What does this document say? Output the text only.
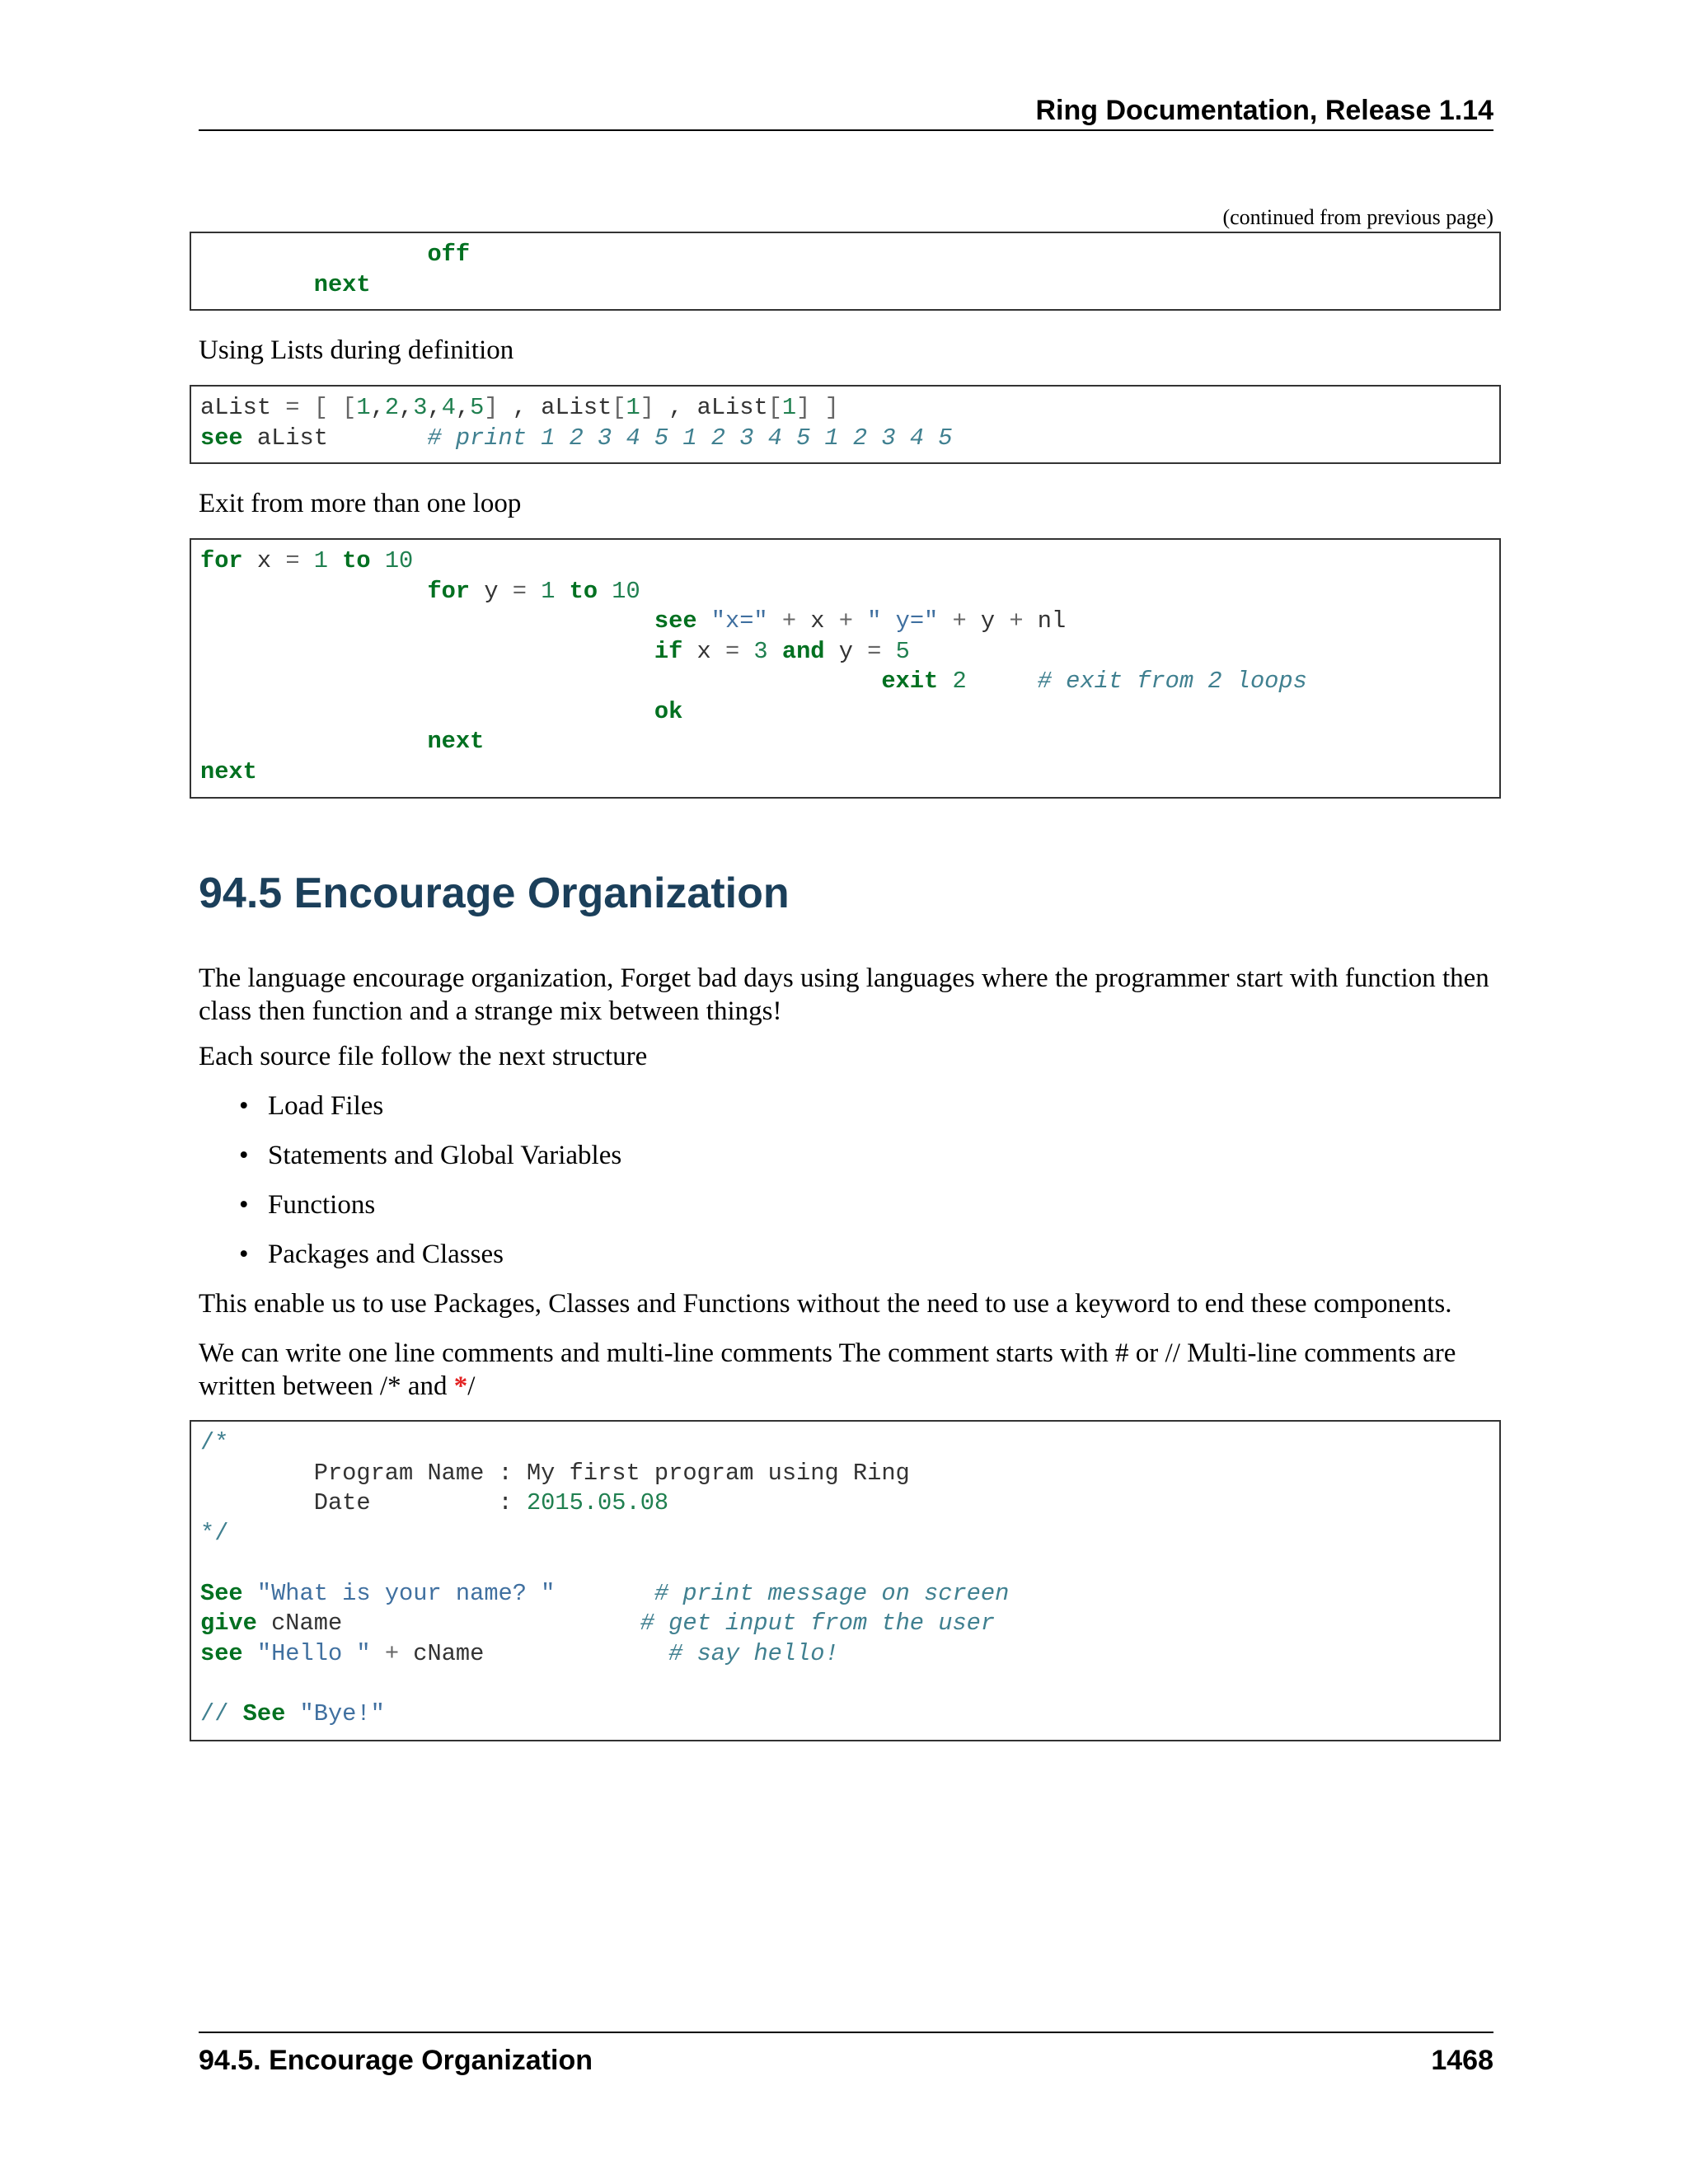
Ring Documentation, Release 1.14
(continued from previous page)
off
next

Using Lists during definition

aList = [ [1,2,3,4,5] , aList[1] , aList[1] ]
see aList	# print 1 2 3 4 5 1 2 3 4 5 1 2 3 4 5

Exit from more than one loop

for x = 1 to 10
for y = 1 to 10
see "x=" + x + " y=" + y + nl
if x = 3 and y = 5
exit 2	# exit from 2 loops
ok
next
next
94.5 Encourage Organization

The language encourage organization, Forget bad days using languages where the programmer start with function then class then function and a strange mix between things!

Each source file follow the next structure

• Load Files
• Statements and Global Variables
• Functions
• Packages and Classes

This enable us to use Packages, Classes and Functions without the need to use a keyword to end these components.

We can write one line comments and multi-line comments The comment starts with # or // Multi-line comments are written between /* and */

/*
Program Name : My first program using Ring
Date         : 2015.05.08
*/

See "What is your name? "	# print message on screen
give cName	# get input from the user
see "Hello " + cName	# say hello!

// See "Bye!"
94.5. Encourage Organization	1468
